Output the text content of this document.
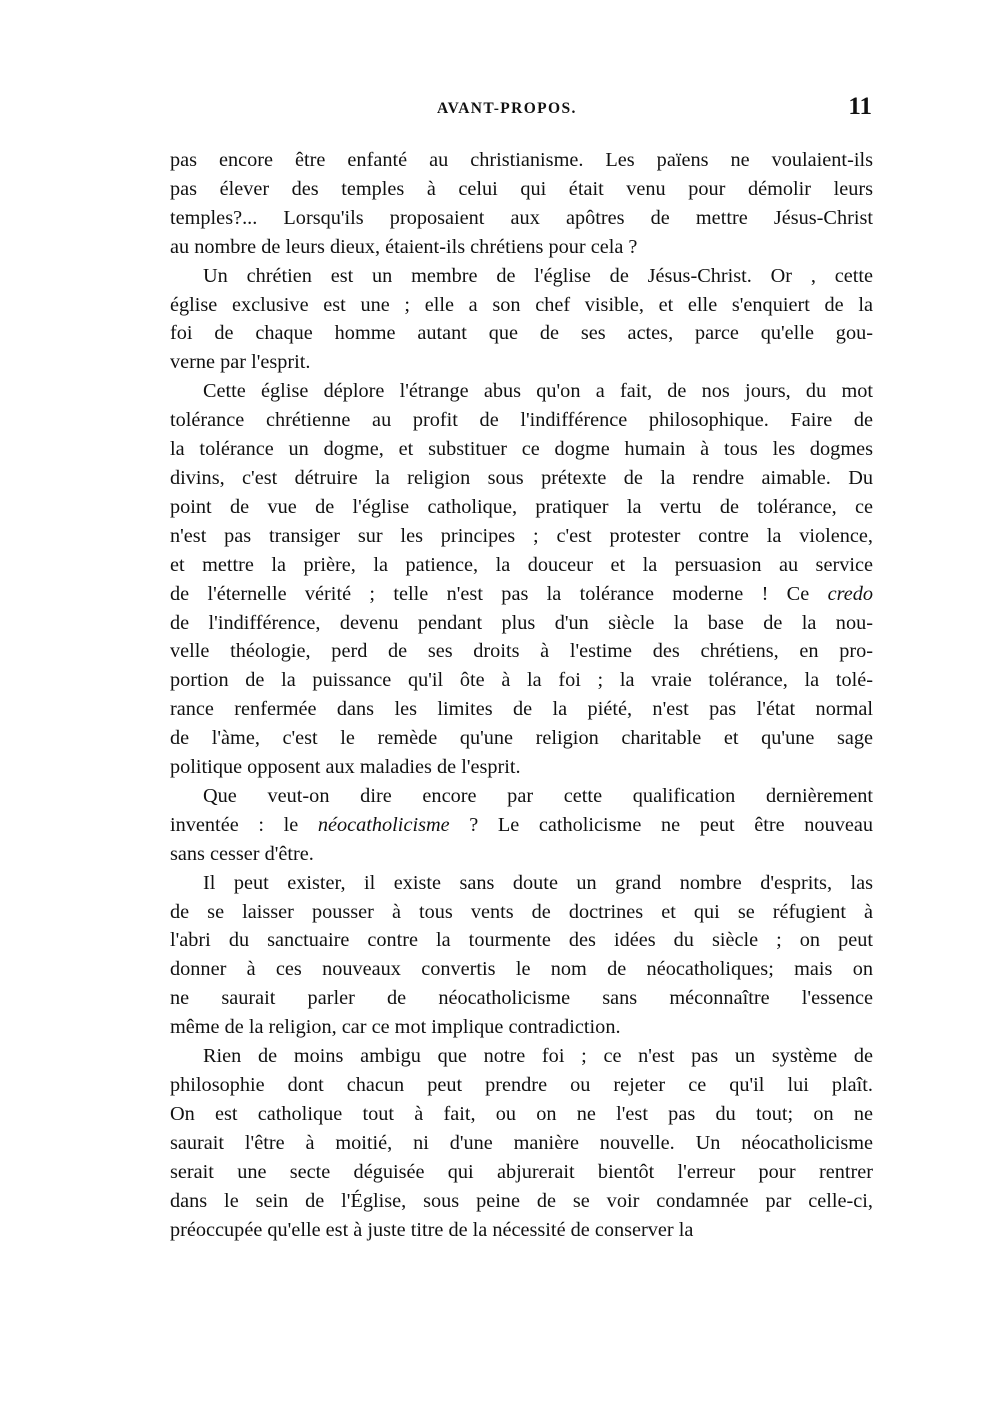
AVANT-PROPOS.	11

pas encore être enfanté au christianisme. Les païens ne voulaient-ils
pas élever des temples à celui qui était venu pour démolir leurs
temples?... Lorsqu'ils proposaient aux apôtres de mettre Jésus-Christ
au nombre de leurs dieux, étaient-ils chrétiens pour cela ?

Un chrétien est un membre de l'église de Jésus-Christ. Or , cette
église exclusive est une ; elle a son chef visible, et elle s'enquiert de la
foi de chaque homme autant que de ses actes, parce qu'elle gou-
verne par l'esprit.

Cette église déplore l'étrange abus qu'on a fait, de nos jours, du mot
tolérance chrétienne au profit de l'indifférence philosophique. Faire de
la tolérance un dogme, et substituer ce dogme humain à tous les dogmes
divins, c'est détruire la religion sous prétexte de la rendre aimable. Du
point de vue de l'église catholique, pratiquer la vertu de tolérance, ce
n'est pas transiger sur les principes ; c'est protester contre la violence,
et mettre la prière, la patience, la douceur et la persuasion au service
de l'éternelle vérité ; telle n'est pas la tolérance moderne ! Ce credo
de l'indifférence, devenu pendant plus d'un siècle la base de la nou-
velle théologie, perd de ses droits à l'estime des chrétiens, en pro-
portion de la puissance qu'il ôte à la foi ; la vraie tolérance, la tolé-
rance renfermée dans les limites de la piété, n'est pas l'état normal
de l'àme, c'est le remède qu'une religion charitable et qu'une sage
politique opposent aux maladies de l'esprit.

Que veut-on dire encore par cette qualification dernièrement
inventée : le néocatholicisme ? Le catholicisme ne peut être nouveau
sans cesser d'être.

Il peut exister, il existe sans doute un grand nombre d'esprits, las
de se laisser pousser à tous vents de doctrines et qui se réfugient à
l'abri du sanctuaire contre la tourmente des idées du siècle ; on peut
donner à ces nouveaux convertis le nom de néocatholiques; mais on
ne saurait parler de néocatholicisme sans méconnaître l'essence
même de la religion, car ce mot implique contradiction.

Rien de moins ambigu que notre foi ; ce n'est pas un système de
philosophie dont chacun peut prendre ou rejeter ce qu'il lui plaît.
On est catholique tout à fait, ou on ne l'est pas du tout; on ne
saurait l'être à moitié, ni d'une manière nouvelle. Un néocatholicisme
serait une secte déguisée qui abjurerait bientôt l'erreur pour rentrer
dans le sein de l'Église, sous peine de se voir condamnée par celle-ci,
préoccupée qu'elle est à juste titre de la nécessité de conserver la
